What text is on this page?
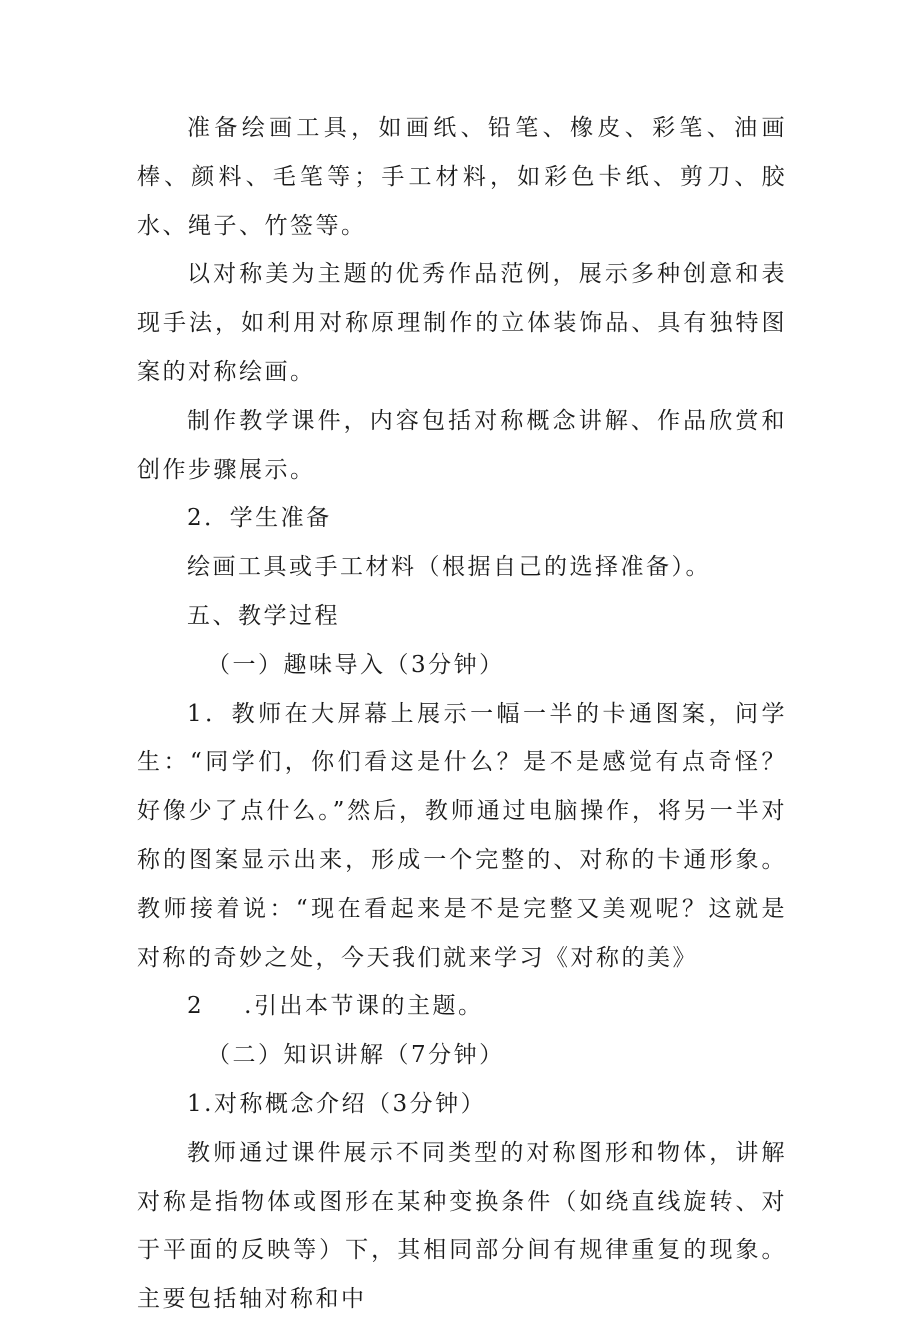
准备绘画工具，如画纸、铅笔、橡皮、彩笔、油画棒、颜料、毛笔等；手工材料，如彩色卡纸、剪刀、胶水、绳子、竹签等。

以对称美为主题的优秀作品范例，展示多种创意和表现手法，如利用对称原理制作的立体装饰品、具有独特图案的对称绘画。

制作教学课件，内容包括对称概念讲解、作品欣赏和创作步骤展示。

2．学生准备

绘画工具或手工材料（根据自己的选择准备）。

五、教学过程

（一）趣味导入（3分钟）

1．教师在大屏幕上展示一幅一半的卡通图案，问学生：“同学们，你们看这是什么？是不是感觉有点奇怪？好像少了点什么。”然后，教师通过电脑操作，将另一半对称的图案显示出来，形成一个完整的、对称的卡通形象。教师接着说：“现在看起来是不是完整又美观呢？这就是对称的奇妙之处，今天我们就来学习《对称的美》

2 .引出本节课的主题。

（二）知识讲解（7分钟）

1.对称概念介绍（3分钟）

教师通过课件展示不同类型的对称图形和物体，讲解对称是指物体或图形在某种变换条件（如绕直线旋转、对于平面的反映等）下，其相同部分间有规律重复的现象。主要包括轴对称和中
